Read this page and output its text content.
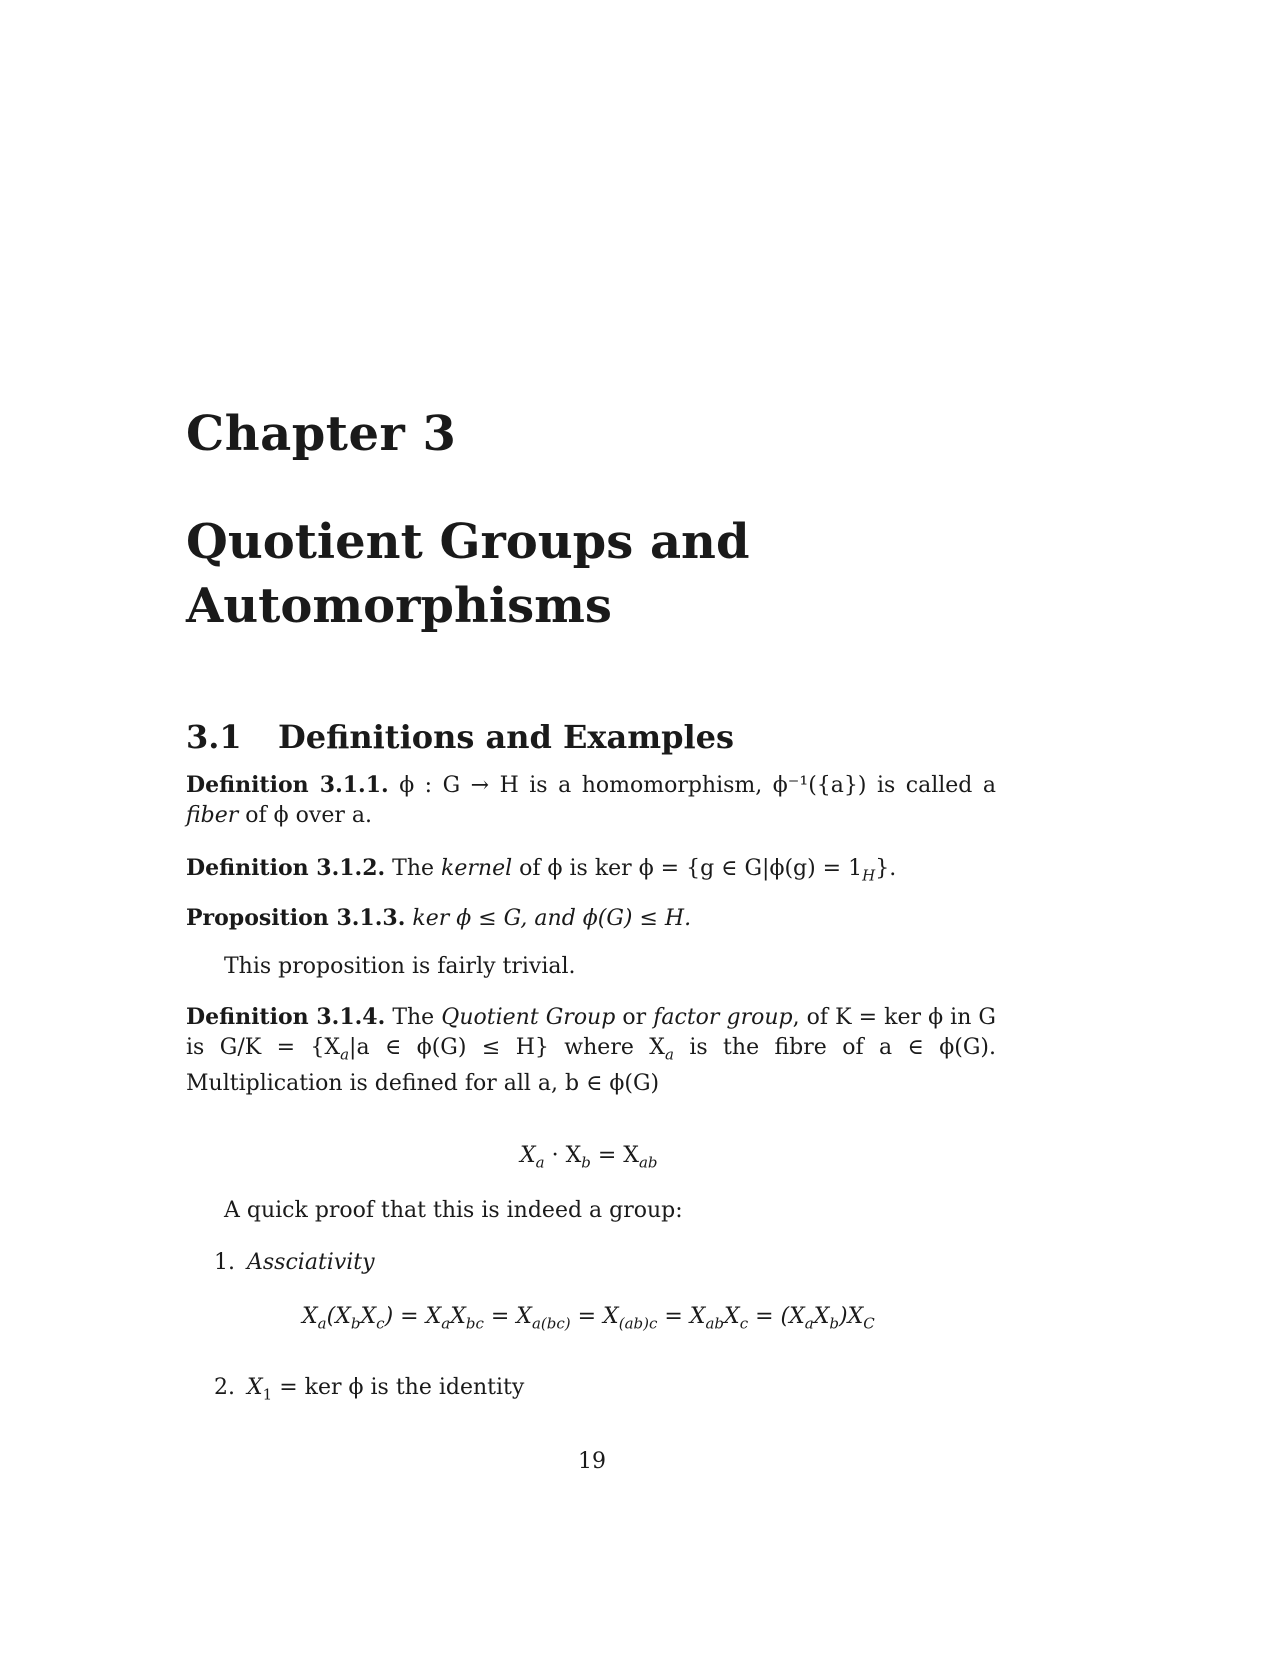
Chapter 3
Quotient Groups and Automorphisms
3.1 Definitions and Examples
Definition 3.1.1. ϕ : G → H is a homomorphism, ϕ⁻¹({a}) is called a fiber of ϕ over a.
Definition 3.1.2. The kernel of ϕ is ker ϕ = {g ∈ $G|\phi(g) = 1_H$}.
Proposition 3.1.3. ker ϕ ≤ G, and ϕ(G) ≤ H.
This proposition is fairly trivial.
Definition 3.1.4. The Quotient Group or factor group, of K = ker ϕ in G is $G/K = \{X_a|a$ ∈ ϕ(G) ≤ H} where $X_a$ is the fibre of a ∈ ϕ(G). Multiplication is defined for all a, b ∈ ϕ(G)
$X_a \cdot X_b = X_{ab}$
A quick proof that this is indeed a group:
1. Assciativity
$X_a(X_bX_c) = X_aX_{bc} = X_{a(bc)} = X_{(ab)c} = X_{ab}X_c = (X_aX_b)X_C$
2. $X_1$ = ker ϕ is the identity
19
